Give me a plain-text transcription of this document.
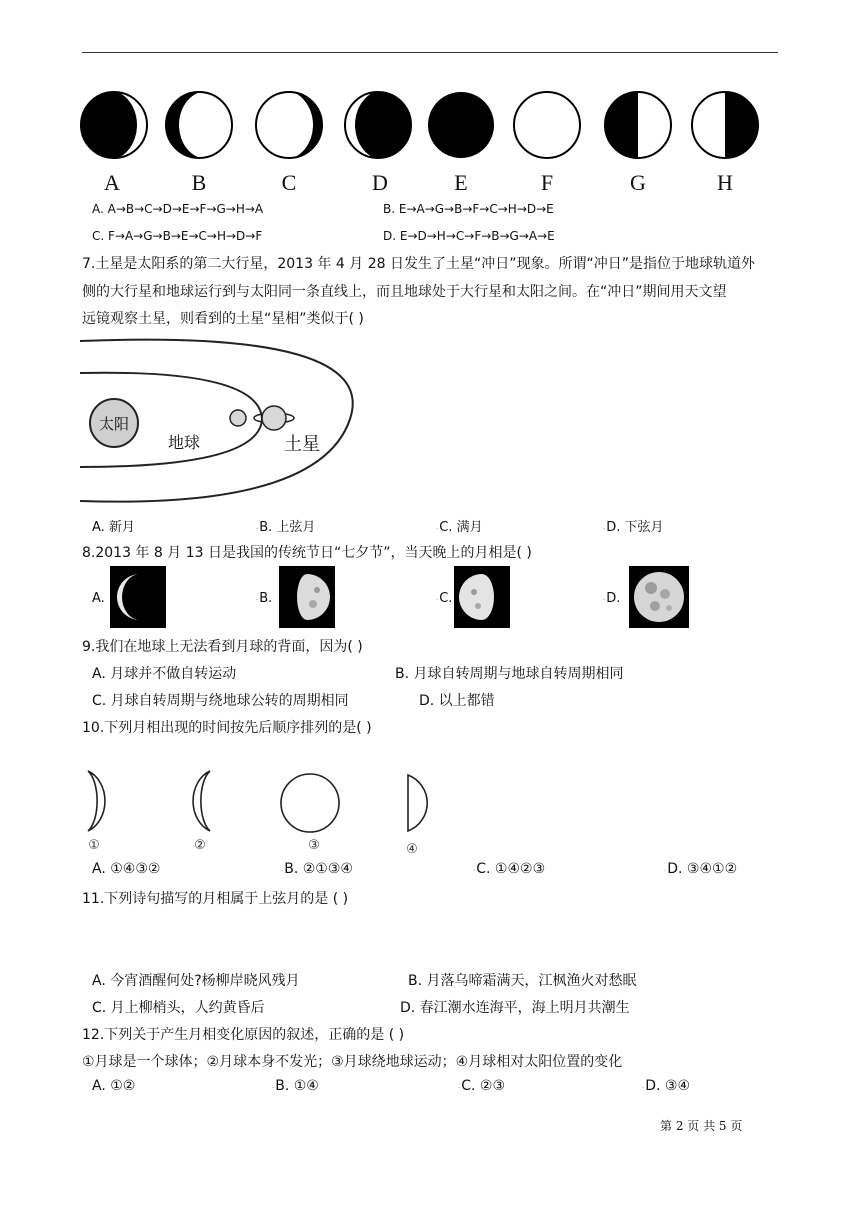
A	B	C	D	E	F	G	H
A. A→B→C→D→E→F→G→H→A	B. E→A→G→B→F→C→H→D→E
C. F→A→G→B→E→C→H→D→F	D. E→D→H→C→F→B→G→A→E
7.土星是太阳系的第二大行星，2013 年 4 月 28 日发生了土星“冲日”现象。所谓“冲日”是指位于地球轨道外
侧的大行星和地球运行到与太阳同一条直线上，而且地球处于大行星和太阳之间。在“冲日”期间用天文望
远镜观察土星，则看到的土星“星相”类似于( )
太阳
地球	土星
A. 新月	·B. 上弦月	·C. 满月	·D. 下弦月
8.2013 年 8 月 13 日是我国的传统节日“七夕节”，当天晚上的月相是( )
A.	·B.	·C.	·D.
9.我们在地球上无法看到月球的背面，因为( )
A. 月球并不做自转运动	B. 月球自转周期与地球自转周期相同
C. 月球自转周期与绕地球公转的周期相同	D. 以上都错
10.下列月相出现的时间按先后顺序排列的是( )
①	②	③	④
A. ①④③②	·B. ②①③④	·C. ①④②③	·D. ③④①②
11.下列诗句描写的月相属于上弦月的是 ( )
A. 今宵酒醒何处?杨柳岸晓风残月	B. 月落乌啼霜满天，江枫渔火对愁眠
C. 月上柳梢头，人约黄昏后	D. 春江潮水连海平，海上明月共潮生
12.下列关于产生月相变化原因的叙述，正确的是 ( )
①月球是一个球体；②月球本身不发光；③月球绕地球运动；④月球相对太阳位置的变化
A. ①②	·B. ①④	·C. ②③	·D. ③④
第 2 页 共 5 页
